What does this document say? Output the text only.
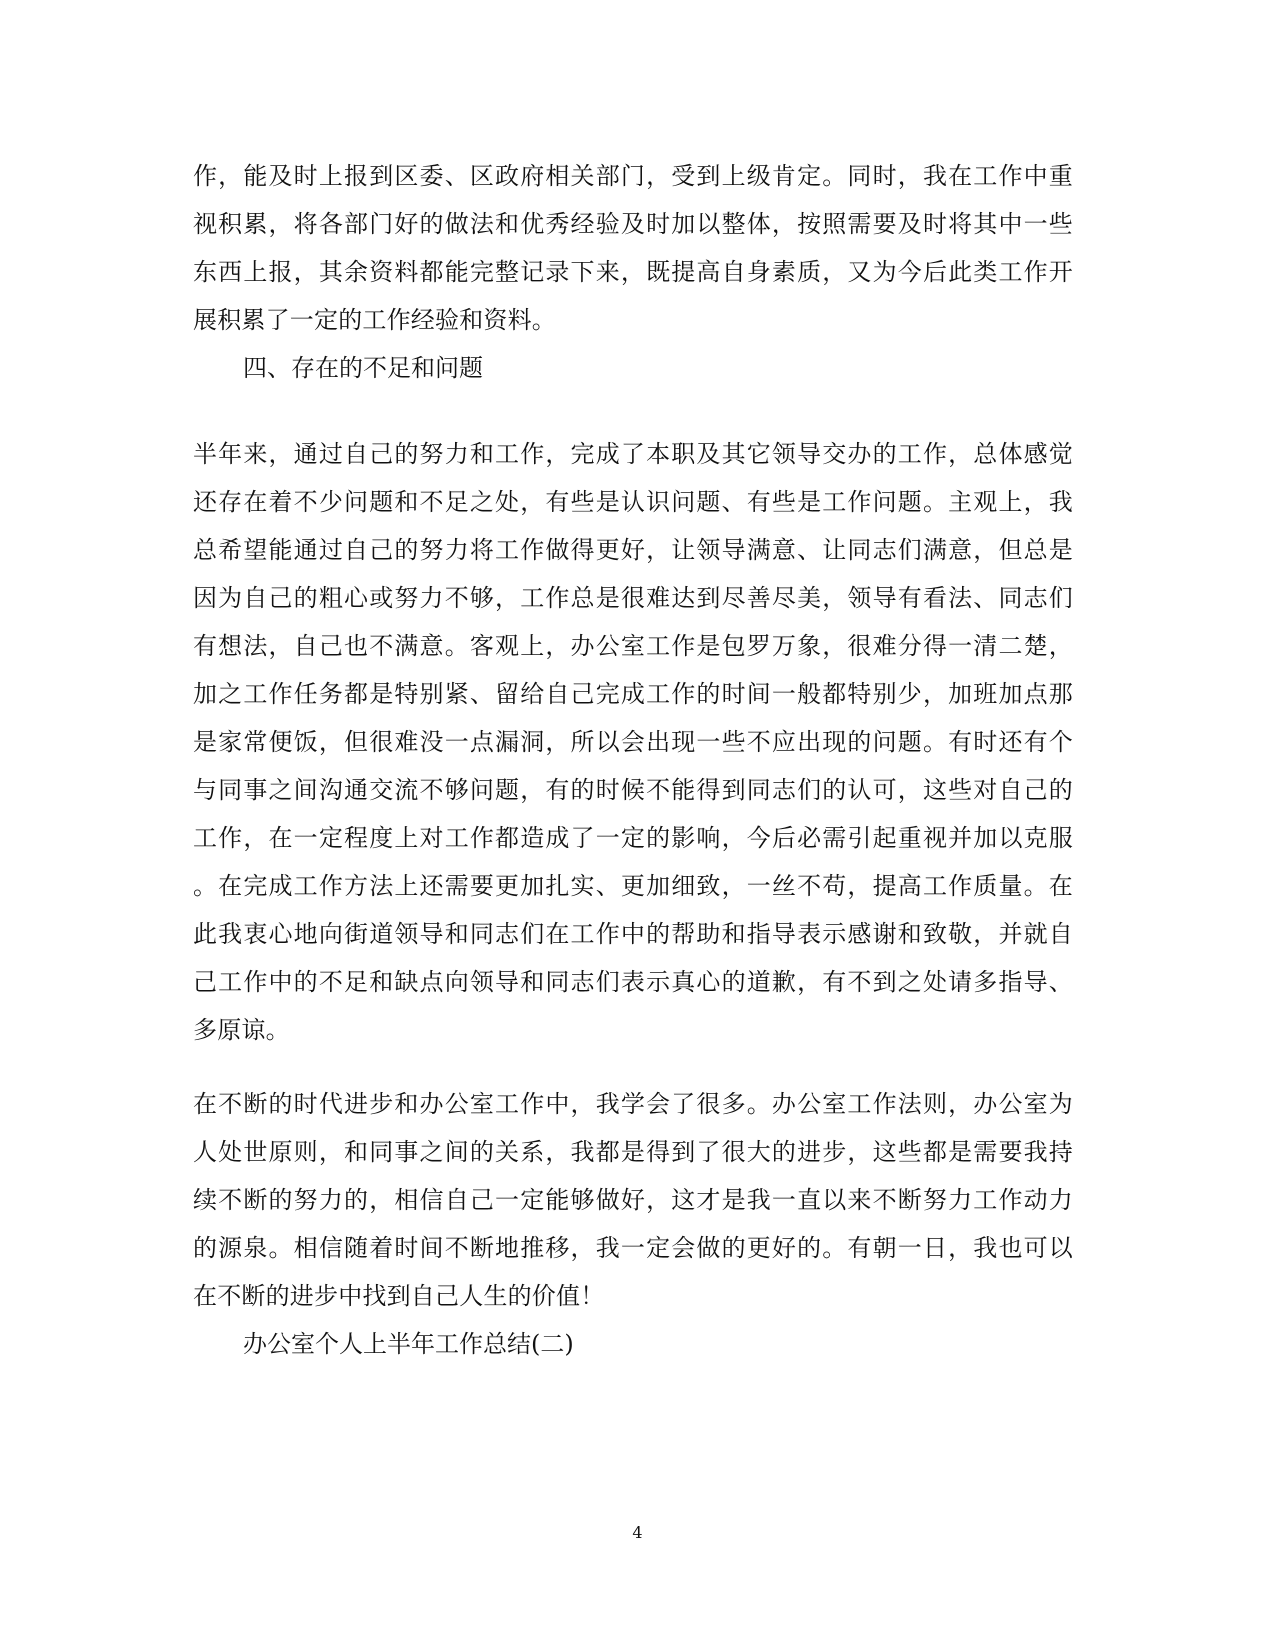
作，能及时上报到区委、区政府相关部门，受到上级肯定。同时，我在工作中重
视积累，将各部门好的做法和优秀经验及时加以整体，按照需要及时将其中一些
东西上报，其余资料都能完整记录下来，既提高自身素质，又为今后此类工作开
展积累了一定的工作经验和资料。
四、存在的不足和问题
半年来，通过自己的努力和工作，完成了本职及其它领导交办的工作，总体感觉
还存在着不少问题和不足之处，有些是认识问题、有些是工作问题。主观上，我
总希望能通过自己的努力将工作做得更好，让领导满意、让同志们满意，但总是
因为自己的粗心或努力不够，工作总是很难达到尽善尽美，领导有看法、同志们
有想法，自己也不满意。客观上，办公室工作是包罗万象，很难分得一清二楚，
加之工作任务都是特别紧、留给自己完成工作的时间一般都特别少，加班加点那
是家常便饭，但很难没一点漏洞，所以会出现一些不应出现的问题。有时还有个
与同事之间沟通交流不够问题，有的时候不能得到同志们的认可，这些对自己的
工作，在一定程度上对工作都造成了一定的影响，今后必需引起重视并加以克服
。在完成工作方法上还需要更加扎实、更加细致，一丝不苟，提高工作质量。在
此我衷心地向街道领导和同志们在工作中的帮助和指导表示感谢和致敬，并就自
己工作中的不足和缺点向领导和同志们表示真心的道歉，有不到之处请多指导、
多原谅。
在不断的时代进步和办公室工作中，我学会了很多。办公室工作法则，办公室为
人处世原则，和同事之间的关系，我都是得到了很大的进步，这些都是需要我持
续不断的努力的，相信自己一定能够做好，这才是我一直以来不断努力工作动力
的源泉。相信随着时间不断地推移，我一定会做的更好的。有朝一日，我也可以
在不断的进步中找到自己人生的价值！
办公室个人上半年工作总结(二)
4
